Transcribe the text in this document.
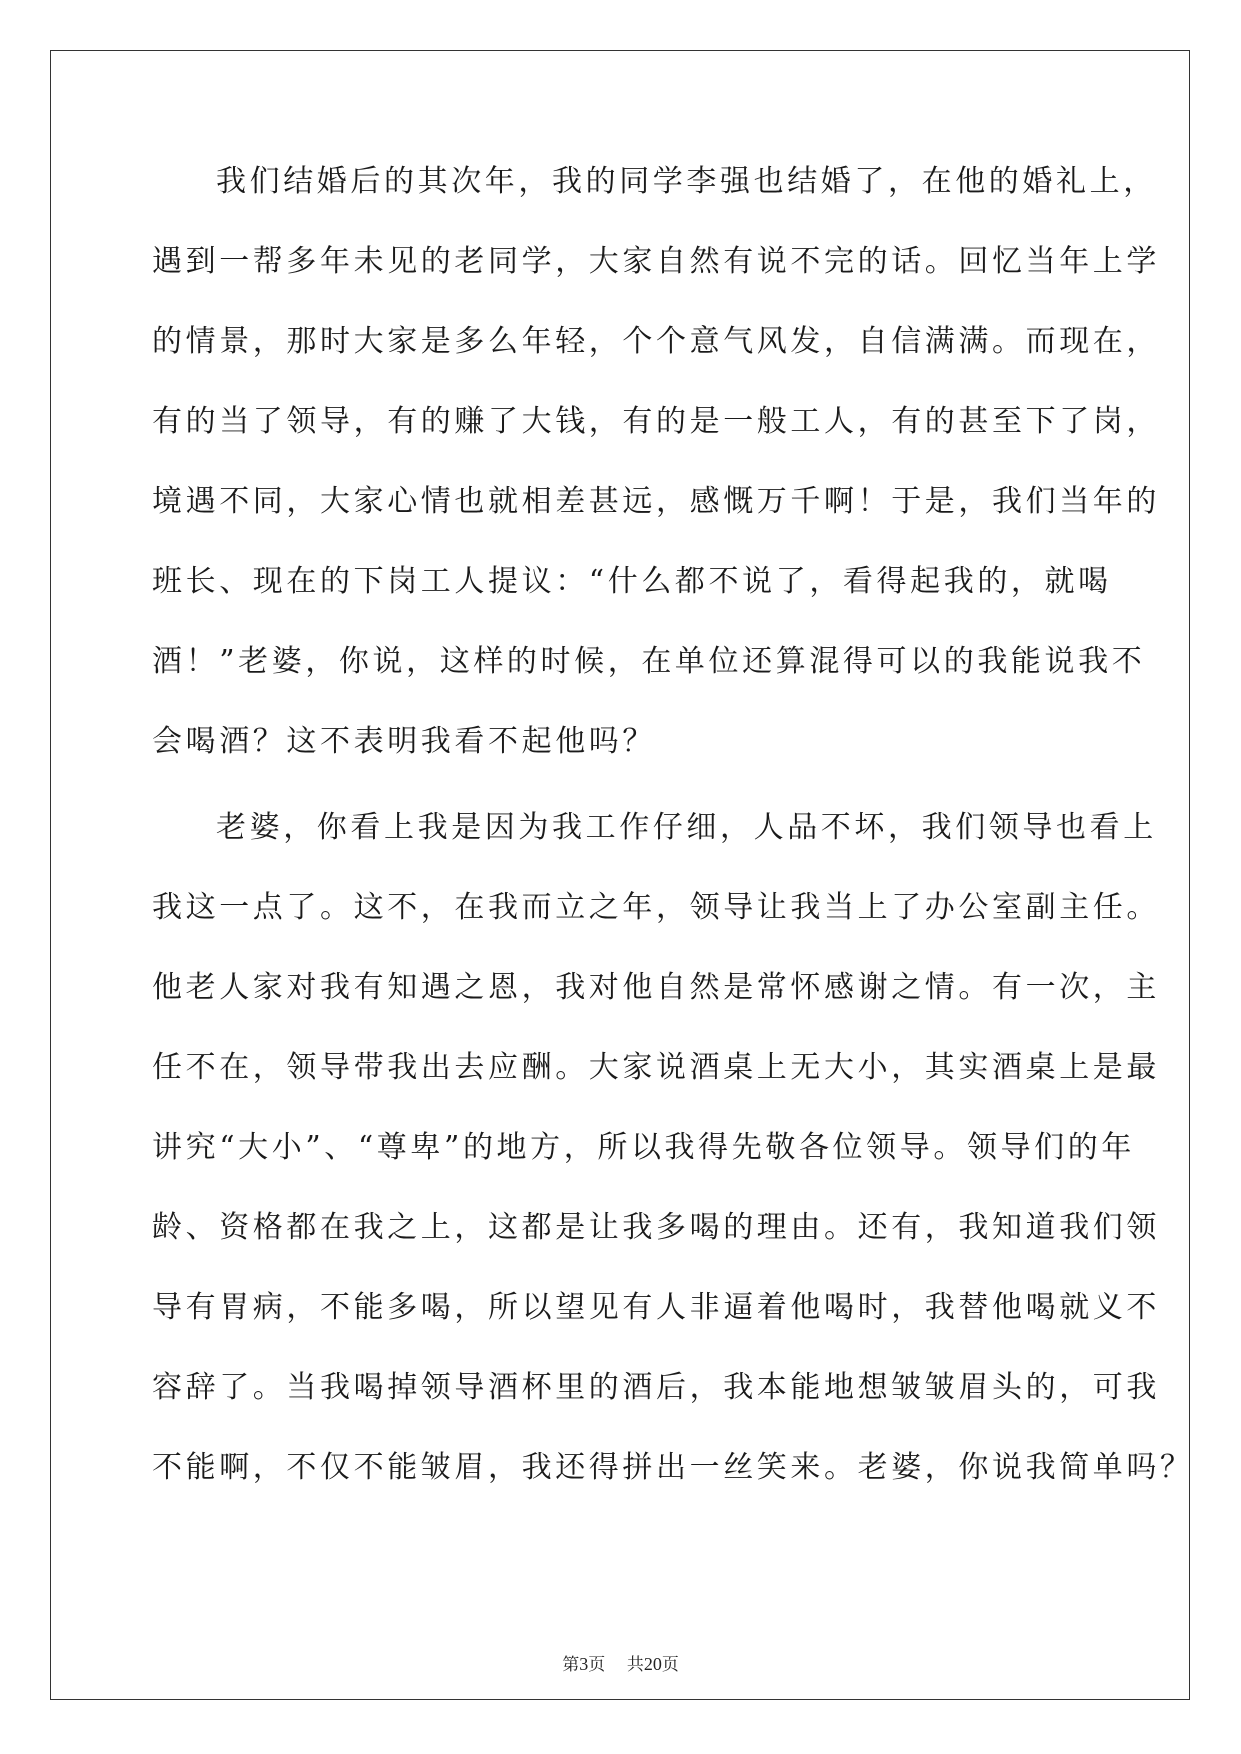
我们结婚后的其次年，我的同学李强也结婚了，在他的婚礼上，
遇到一帮多年未见的老同学，大家自然有说不完的话。回忆当年上学
的情景，那时大家是多么年轻，个个意气风发，自信满满。而现在，
有的当了领导，有的赚了大钱，有的是一般工人，有的甚至下了岗，
境遇不同，大家心情也就相差甚远，感慨万千啊！于是，我们当年的
班长、现在的下岗工人提议：“什么都不说了，看得起我的，就喝
酒！”老婆，你说，这样的时候，在单位还算混得可以的我能说我不
会喝酒？这不表明我看不起他吗？
老婆，你看上我是因为我工作仔细，人品不坏，我们领导也看上
我这一点了。这不，在我而立之年，领导让我当上了办公室副主任。
他老人家对我有知遇之恩，我对他自然是常怀感谢之情。有一次，主
任不在，领导带我出去应酬。大家说酒桌上无大小，其实酒桌上是最
讲究“大小”、“尊卑”的地方，所以我得先敬各位领导。领导们的年
龄、资格都在我之上，这都是让我多喝的理由。还有，我知道我们领
导有胃病，不能多喝，所以望见有人非逼着他喝时，我替他喝就义不
容辞了。当我喝掉领导酒杯里的酒后，我本能地想皱皱眉头的，可我
不能啊，不仅不能皱眉，我还得拼出一丝笑来。老婆，你说我简单吗？
第3页 共20页
